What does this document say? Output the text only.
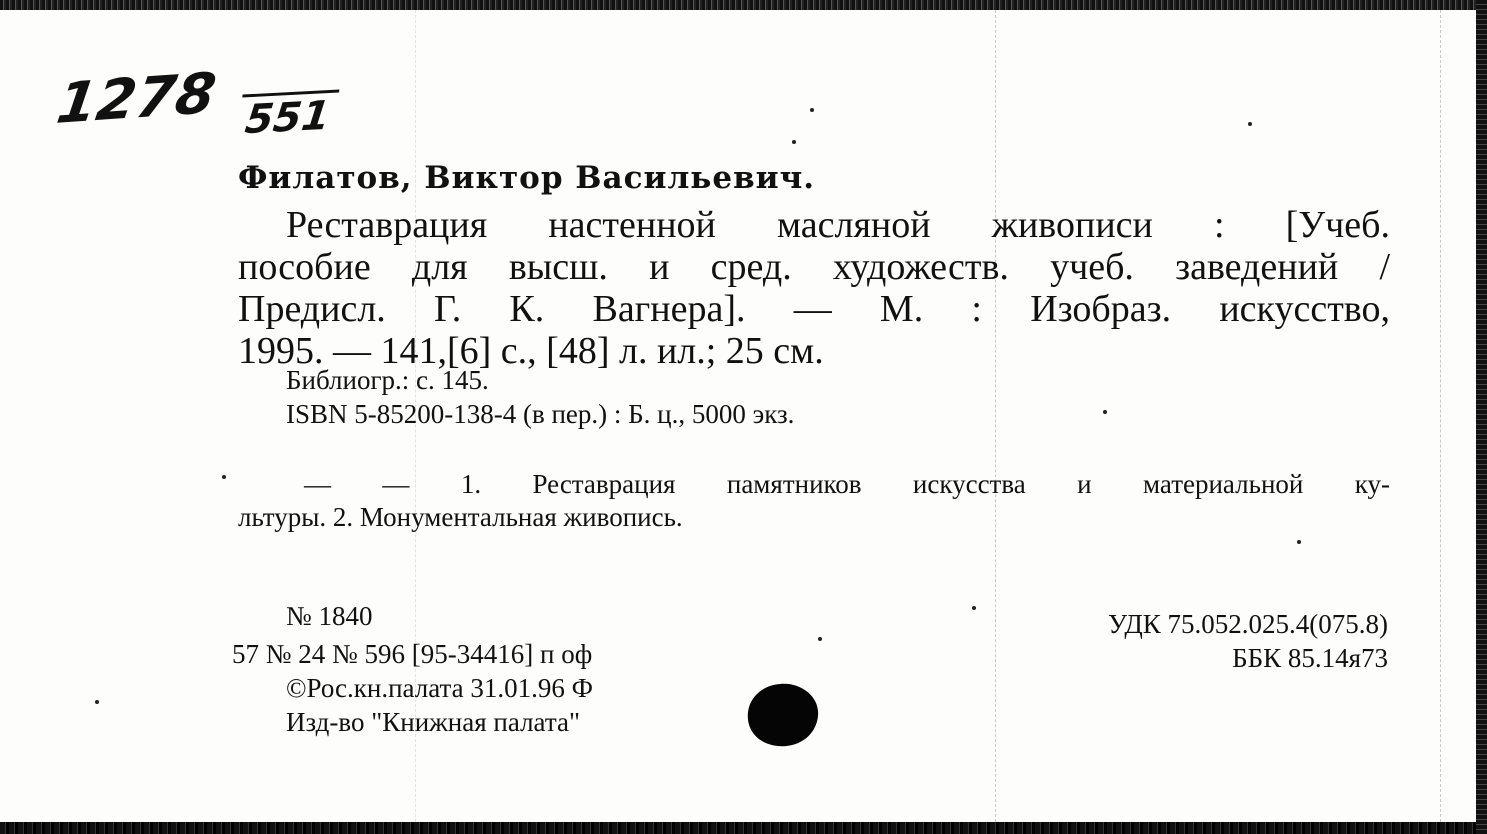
1278 551
Филатов, Виктор Васильевич.
Реставрация настенной масляной живописи : [Учеб.
пособие для высш. и сред. художеств. учеб. заведений /
Предисл. Г. К. Вагнера]. — М. : Изобраз. искусство,
1995. — 141,[6] с., [48] л. ил.; 25 см.
Библиогр.: с. 145.
ISBN 5-85200-138-4 (в пер.) : Б. ц., 5000 экз.
— — 1. Реставрация памятников искусства и материальной ку-
льтуры. 2. Монументальная живопись.
№ 1840
57 № 24 № 596 [95-34416] п оф
©Рос.кн.палата 31.01.96 Ф
Изд-во "Книжная палата"
УДК 75.052.025.4(075.8)
ББК 85.14я73
